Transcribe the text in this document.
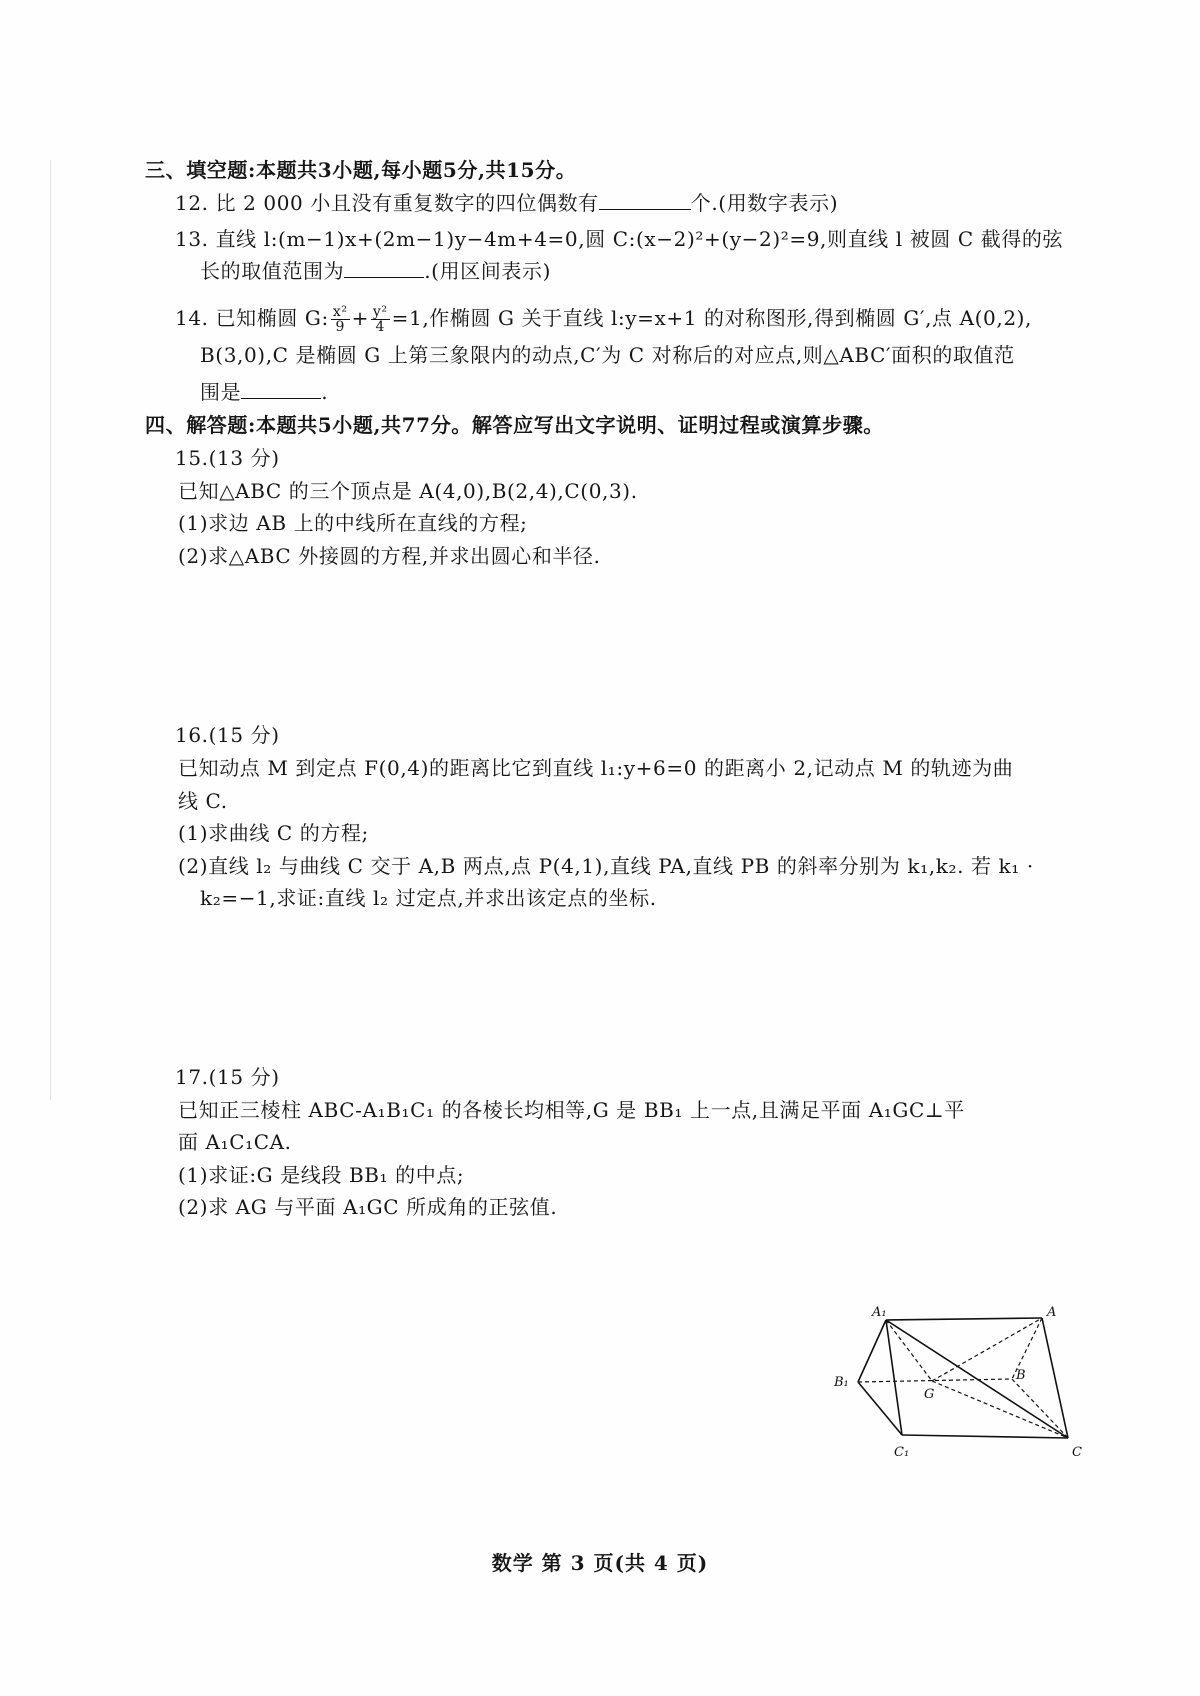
三、填空题:本题共3小题,每小题5分,共15分。
12. 比 2 000 小且没有重复数字的四位偶数有	个.(用数字表示)
13. 直线 l:(m−1)x+(2m−1)y−4m+4=0,圆 C:(x−2)²+(y−2)²=9,则直线 l 被圆 C 截得的弦
长的取值范围为	.(用区间表示)
14. 已知椭圆 G: $\frac{\text{x²}}{9} + \frac{\text{y²}}{4} =1$,作椭圆 G 关于直线 l:y=x+1 的对称图形,得到椭圆 G′,点 A(0,2),
B(3,0),C 是椭圆 G 上第三象限内的动点,C′为 C 对称后的对应点,则△ABC′面积的取值范
围是	.
四、解答题:本题共5小题,共77分。解答应写出文字说明、证明过程或演算步骤。
15.(13 分)
已知△ABC 的三个顶点是 A(4,0),B(2,4),C(0,3).
(1)求边 AB 上的中线所在直线的方程;
(2)求△ABC 外接圆的方程,并求出圆心和半径.
16.(15 分)
已知动点 M 到定点 F(0,4)的距离比它到直线 l₁:y+6=0 的距离小 2,记动点 M 的轨迹为曲
线 C.
(1)求曲线 C 的方程;
(2)直线 l₂ 与曲线 C 交于 A,B 两点,点 P(4,1),直线 PA,直线 PB 的斜率分别为 k₁,k₂. 若 k₁ ·
k₂=−1,求证:直线 l₂ 过定点,并求出该定点的坐标.
17.(15 分)
已知正三棱柱 ABC-A₁B₁C₁ 的各棱长均相等,G 是 BB₁ 上一点,且满足平面 A₁GC⊥平
面 A₁C₁CA.
(1)求证:G 是线段 BB₁ 的中点;
(2)求 AG 与平面 A₁GC 所成角的正弦值.
A₁	A
B₁
G
B
C₁	C
数学 第 3 页(共 4 页)
